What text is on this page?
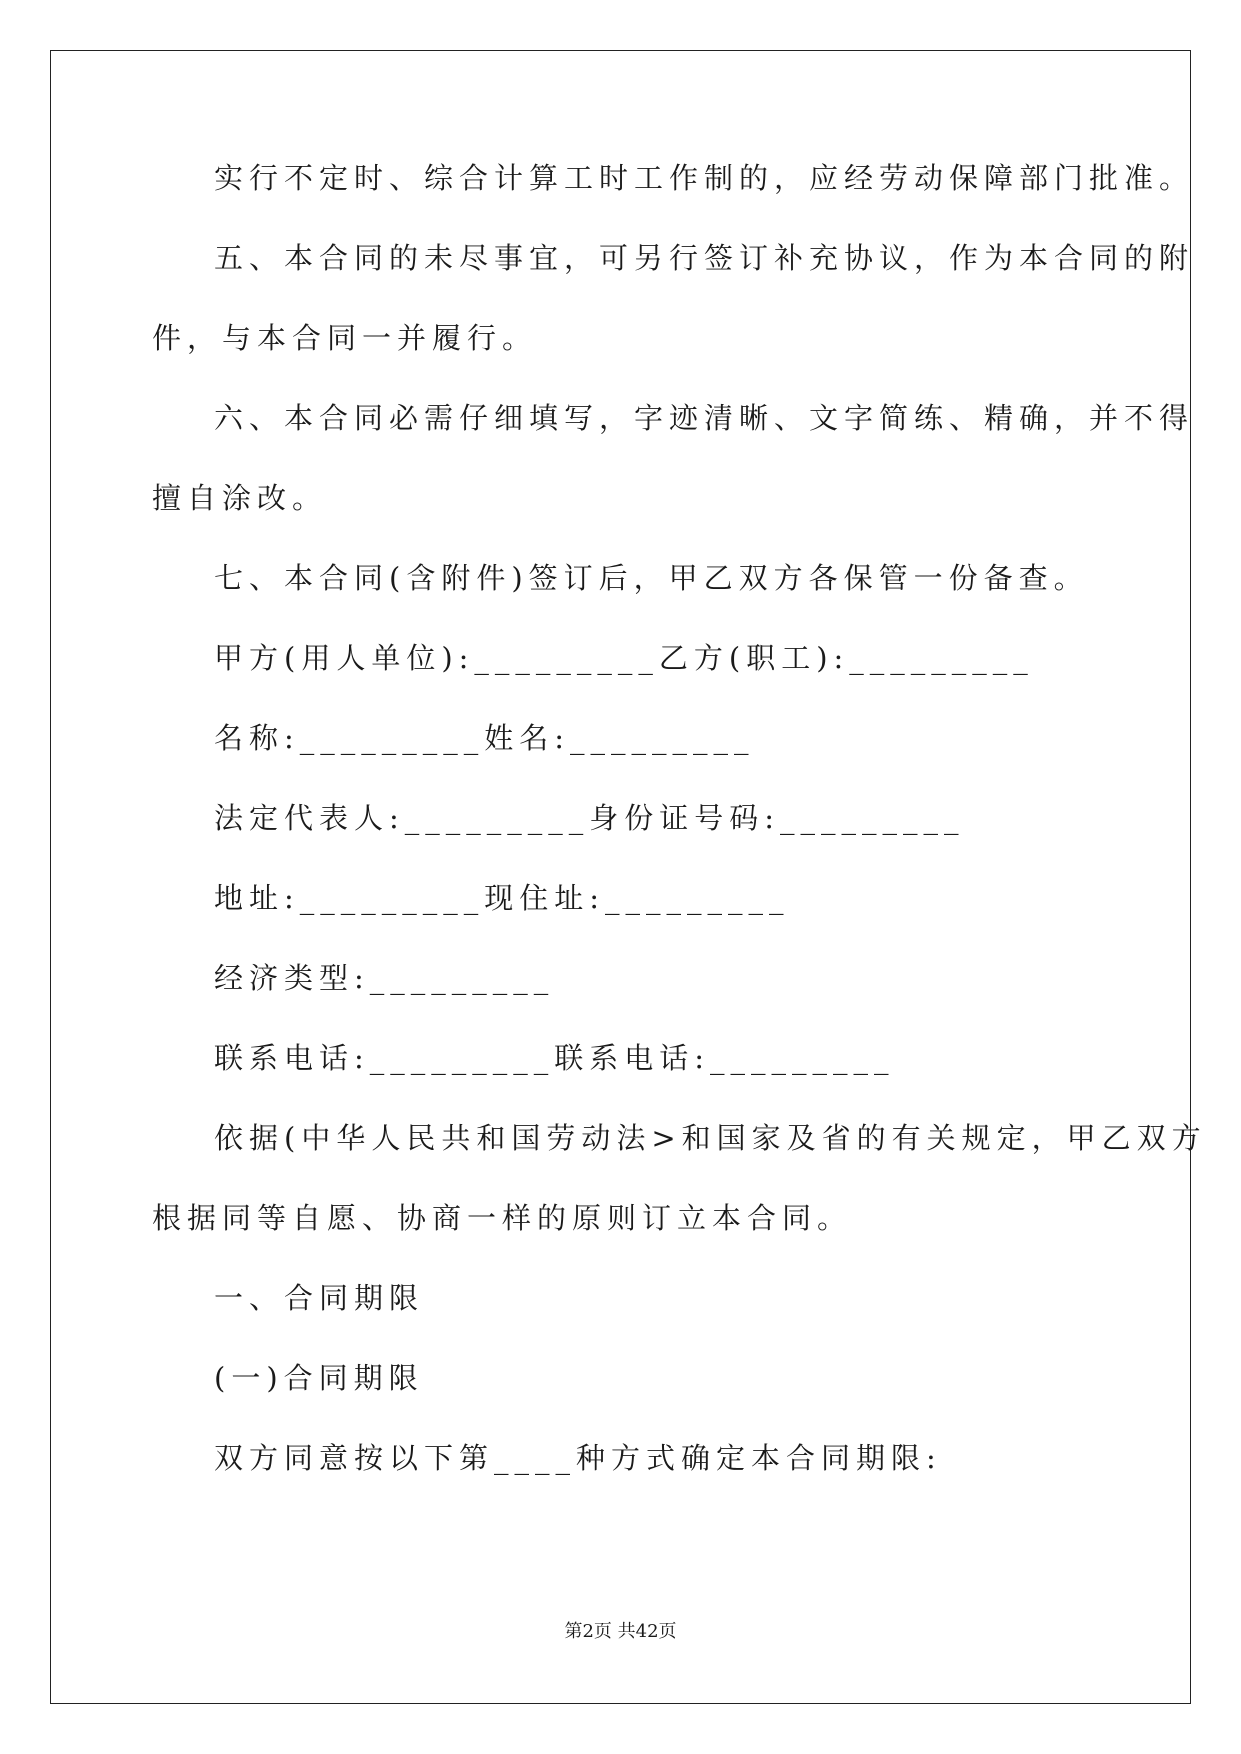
实行不定时、综合计算工时工作制的，应经劳动保障部门批准。
五、本合同的未尽事宜，可另行签订补充协议，作为本合同的附
件，与本合同一并履行。
六、本合同必需仔细填写，字迹清晰、文字简练、精确，并不得
擅自涂改。
七、本合同(含附件)签订后，甲乙双方各保管一份备查。
甲方(用人单位):_________乙方(职工):_________
名称:_________姓名:_________
法定代表人:_________身份证号码:_________
地址:_________现住址:_________
经济类型:_________
联系电话:_________联系电话:_________
依据(中华人民共和国劳动法>和国家及省的有关规定，甲乙双方
根据同等自愿、协商一样的原则订立本合同。
一、合同期限
(一)合同期限
双方同意按以下第____种方式确定本合同期限:
第2页 共42页
